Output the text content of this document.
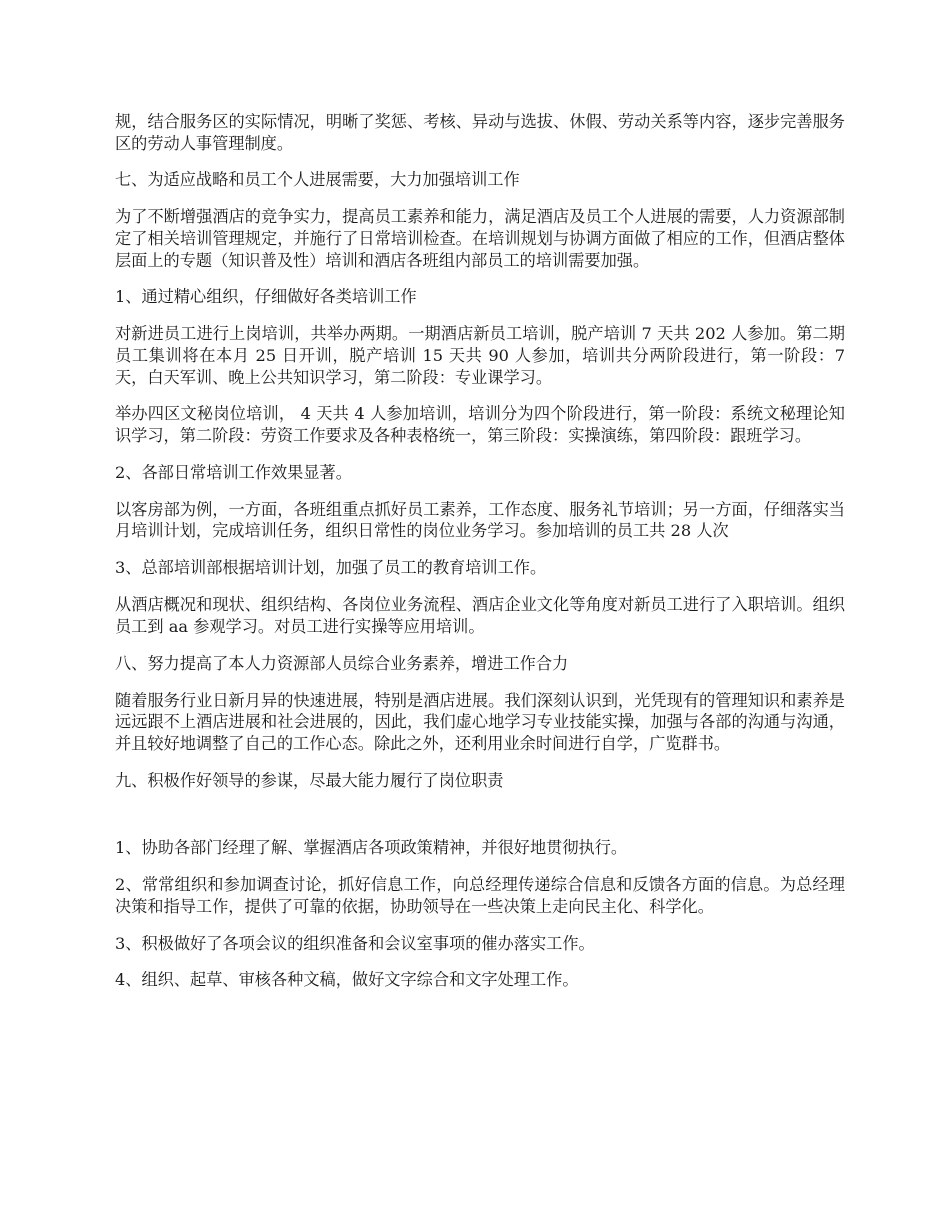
规，结合服务区的实际情况，明晰了奖惩、考核、异动与选拔、休假、劳动关系等内容，逐步完善服务区的劳动人事管理制度。

七、为适应战略和员工个人进展需要，大力加强培训工作

为了不断增强酒店的竞争实力，提高员工素养和能力，满足酒店及员工个人进展的需要，人力资源部制定了相关培训管理规定，并施行了日常培训检查。在培训规划与协调方面做了相应的工作，但酒店整体层面上的专题（知识普及性）培训和酒店各班组内部员工的培训需要加强。

1、通过精心组织，仔细做好各类培训工作

对新进员工进行上岗培训，共举办两期。一期酒店新员工培训，脱产培训 7 天共 202 人参加。第二期员工集训将在本月 25 日开训，脱产培训 15 天共 90 人参加，培训共分两阶段进行，第一阶段：7 天，白天军训、晚上公共知识学习，第二阶段：专业课学习。

举办四区文秘岗位培训， 4 天共 4 人参加培训，培训分为四个阶段进行，第一阶段：系统文秘理论知识学习，第二阶段：劳资工作要求及各种表格统一，第三阶段：实操演练，第四阶段：跟班学习。

2、各部日常培训工作效果显著。

以客房部为例，一方面，各班组重点抓好员工素养，工作态度、服务礼节培训；另一方面，仔细落实当月培训计划，完成培训任务，组织日常性的岗位业务学习。参加培训的员工共 28 人次

3、总部培训部根据培训计划，加强了员工的教育培训工作。

从酒店概况和现状、组织结构、各岗位业务流程、酒店企业文化等角度对新员工进行了入职培训。组织员工到 aa 参观学习。对员工进行实操等应用培训。

八、努力提高了本人力资源部人员综合业务素养，增进工作合力

随着服务行业日新月异的快速进展，特别是酒店进展。我们深刻认识到，光凭现有的管理知识和素养是远远跟不上酒店进展和社会进展的，因此，我们虚心地学习专业技能实操，加强与各部的沟通与沟通，并且较好地调整了自己的工作心态。除此之外，还利用业余时间进行自学，广览群书。

九、积极作好领导的参谋，尽最大能力履行了岗位职责

1、协助各部门经理了解、掌握酒店各项政策精神，并很好地贯彻执行。

2、常常组织和参加调查讨论，抓好信息工作，向总经理传递综合信息和反馈各方面的信息。为总经理决策和指导工作，提供了可靠的依据，协助领导在一些决策上走向民主化、科学化。

3、积极做好了各项会议的组织准备和会议室事项的催办落实工作。

4、组织、起草、审核各种文稿，做好文字综合和文字处理工作。
